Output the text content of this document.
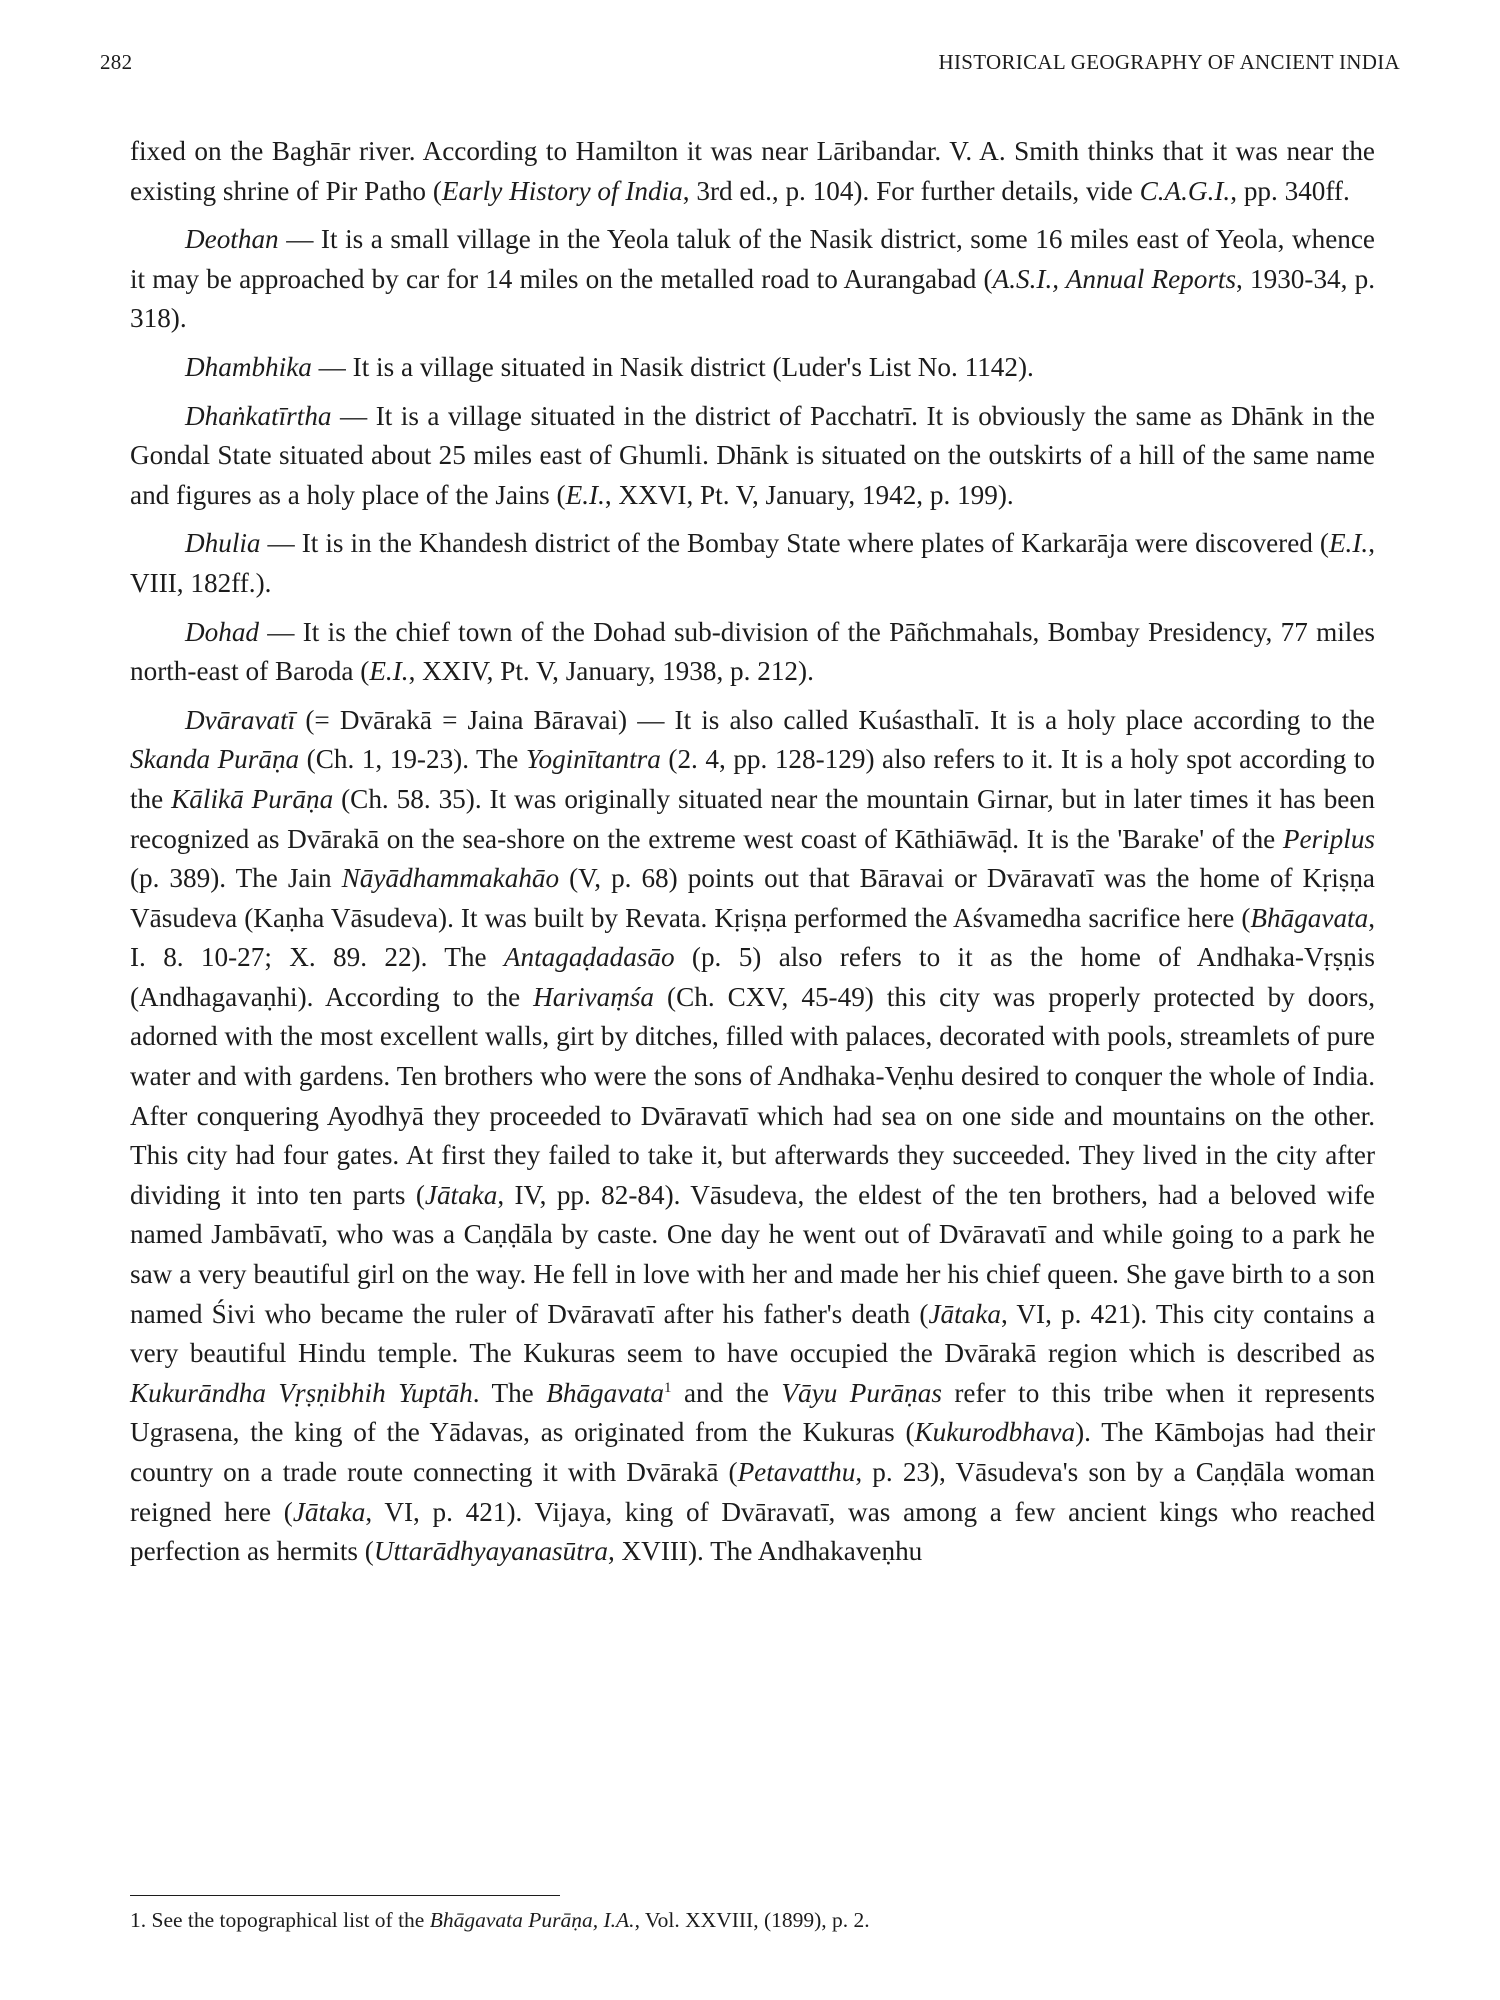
282	HISTORICAL GEOGRAPHY OF ANCIENT INDIA

fixed on the Baghār river. According to Hamilton it was near Lāribandar. V. A. Smith thinks that it was near the existing shrine of Pir Patho (Early History of India, 3rd ed., p. 104). For further details, vide C.A.G.I., pp. 340ff.

Deothan — It is a small village in the Yeola taluk of the Nasik district, some 16 miles east of Yeola, whence it may be approached by car for 14 miles on the metalled road to Aurangabad (A.S.I., Annual Reports, 1930-34, p. 318).

Dhambhika — It is a village situated in Nasik district (Luder's List No. 1142).

Dhaṅkatīrtha — It is a village situated in the district of Pacchatrī. It is obviously the same as Dhānk in the Gondal State situated about 25 miles east of Ghumli. Dhānk is situated on the outskirts of a hill of the same name and figures as a holy place of the Jains (E.I., XXVI, Pt. V, January, 1942, p. 199).

Dhulia — It is in the Khandesh district of the Bombay State where plates of Karkarāja were discovered (E.I., VIII, 182ff.).

Dohad — It is the chief town of the Dohad sub-division of the Pāñchmahals, Bombay Presidency, 77 miles north-east of Baroda (E.I., XXIV, Pt. V, January, 1938, p. 212).

Dvāravatī (= Dvārakā = Jaina Bāravai) — It is also called Kuśasthalī. It is a holy place according to the Skanda Purāṇa (Ch. 1, 19-23). The Yoginītantra (2. 4, pp. 128-129) also refers to it. It is a holy spot according to the Kālikā Purāṇa (Ch. 58. 35). It was originally situated near the mountain Girnar, but in later times it has been recognized as Dvārakā on the sea-shore on the extreme west coast of Kāthiāwāḍ. It is the 'Barake' of the Periplus (p. 389). The Jain Nāyādhammakahāo (V, p. 68) points out that Bāravai or Dvāravatī was the home of Kṛiṣṇa Vāsudeva (Kaṇha Vāsudeva). It was built by Revata. Kṛiṣṇa performed the Aśvamedha sacrifice here (Bhāgavata, I. 8. 10-27; X. 89. 22). The Antagaḍadasāo (p. 5) also refers to it as the home of Andhaka-Vṛṣṇis (Andhagavaṇhi). According to the Harivaṃśa (Ch. CXV, 45-49) this city was properly protected by doors, adorned with the most excellent walls, girt by ditches, filled with palaces, decorated with pools, streamlets of pure water and with gardens. Ten brothers who were the sons of Andhaka-Veṇhu desired to conquer the whole of India. After conquering Ayodhyā they proceeded to Dvāravatī which had sea on one side and mountains on the other. This city had four gates. At first they failed to take it, but afterwards they succeeded. They lived in the city after dividing it into ten parts (Jātaka, IV, pp. 82-84). Vāsudeva, the eldest of the ten brothers, had a beloved wife named Jambāvatī, who was a Caṇḍāla by caste. One day he went out of Dvāravatī and while going to a park he saw a very beautiful girl on the way. He fell in love with her and made her his chief queen. She gave birth to a son named Śivi who became the ruler of Dvāravatī after his father's death (Jātaka, VI, p. 421). This city contains a very beautiful Hindu temple. The Kukuras seem to have occupied the Dvārakā region which is described as Kukurāndha Vṛṣṇibhih Yuptāh. The Bhāgavata$^1$ and the Vāyu Purāṇas refer to this tribe when it represents Ugrasena, the king of the Yādavas, as originated from the Kukuras (Kukurodbhava). The Kāmbojas had their country on a trade route connecting it with Dvārakā (Petavatthu, p. 23), Vāsudeva's son by a Caṇḍāla woman reigned here (Jātaka, VI, p. 421). Vijaya, king of Dvāravatī, was among a few ancient kings who reached perfection as hermits (Uttarādhyayanasūtra, XVIII). The Andhakaveṇhu

1. See the topographical list of the Bhāgavata Purāṇa, I.A., Vol. XXVIII, (1899), p. 2.
